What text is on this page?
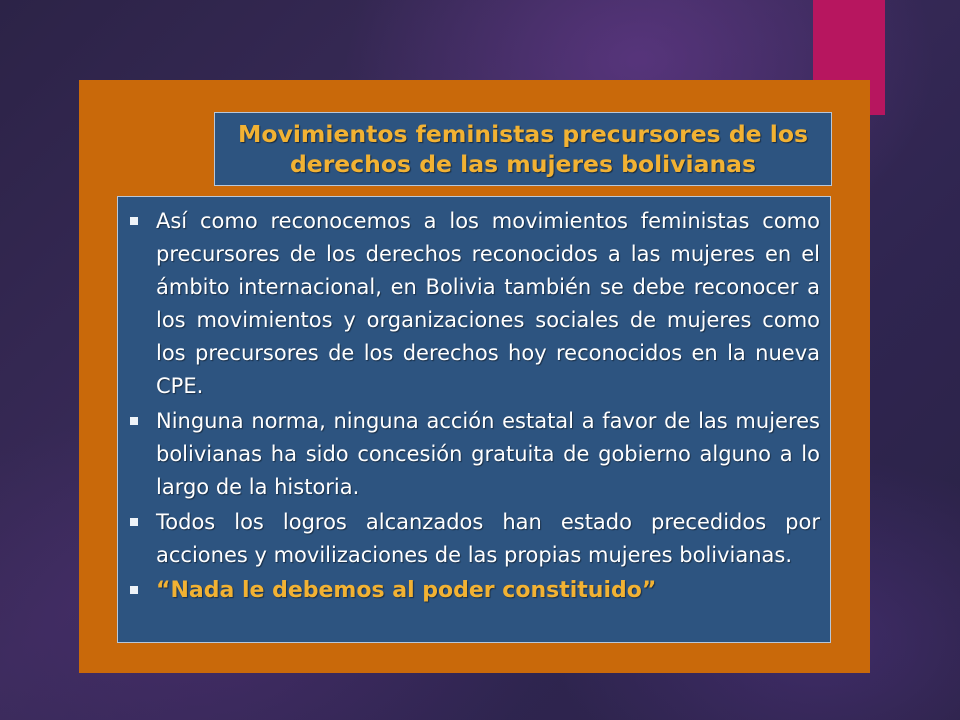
Movimientos feministas precursores de los derechos de las mujeres bolivianas
Así como reconocemos a los movimientos feministas como precursores de los derechos reconocidos a las mujeres en el ámbito internacional, en Bolivia también se debe reconocer a los movimientos y organizaciones sociales de mujeres como los precursores de los derechos hoy reconocidos en la nueva CPE.
Ninguna norma, ninguna acción estatal a favor de las mujeres bolivianas ha sido concesión gratuita de gobierno alguno a lo largo de la historia.
Todos los logros alcanzados han estado precedidos por acciones y movilizaciones de las propias mujeres bolivianas.
“Nada le debemos al poder constituido”
